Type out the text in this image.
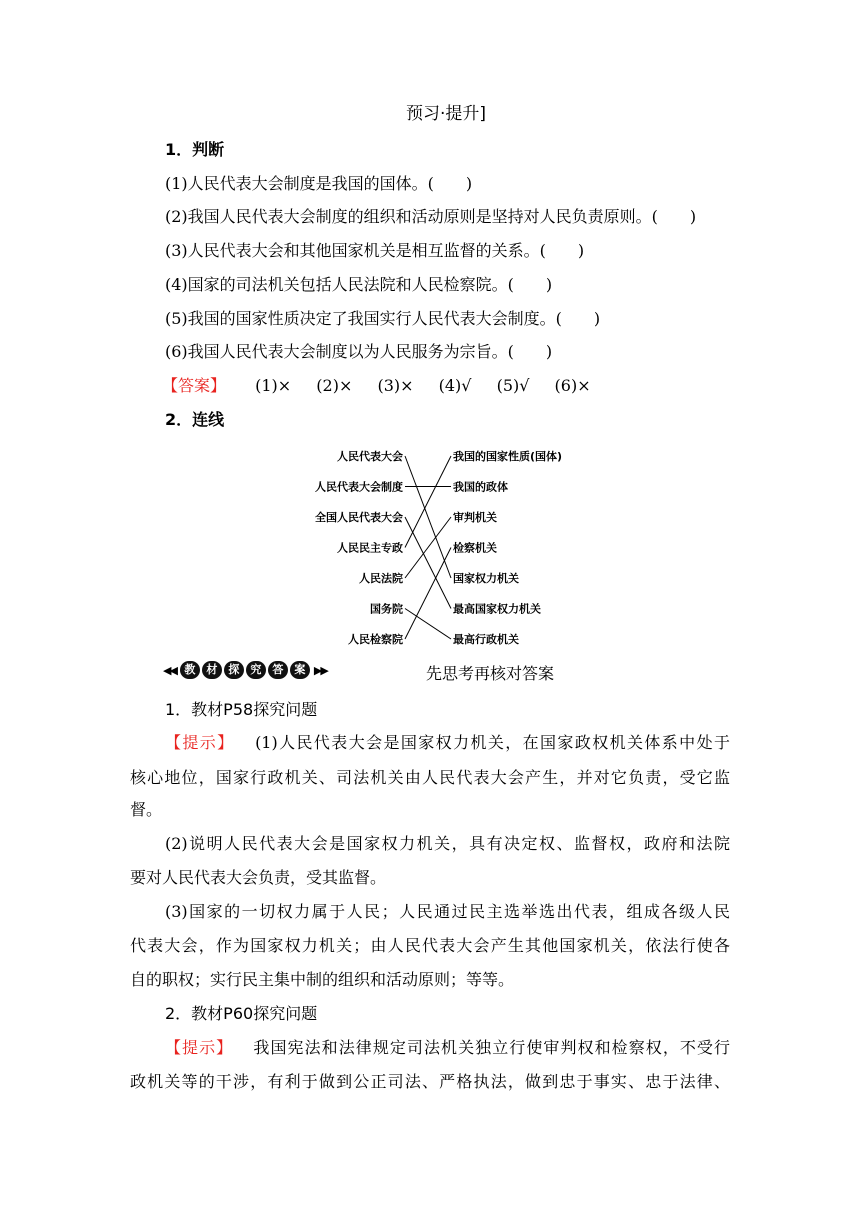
预习·提升]
1．判断
(1)人民代表大会制度是我国的国体。(　　)
(2)我国人民代表大会制度的组织和活动原则是坚持对人民负责原则。(　　)
(3)人民代表大会和其他国家机关是相互监督的关系。(　　)
(4)国家的司法机关包括人民法院和人民检察院。(　　)
(5)我国的国家性质决定了我国实行人民代表大会制度。(　　)
(6)我国人民代表大会制度以为人民服务为宗旨。(　　)
【答案】 (1)× (2)× (3)× (4)√ (5)√ (6)×
2．连线
人民代表大会
人民代表大会制度
全国人民代表大会
人民民主专政
人民法院
国务院
人民检察院
我国的国家性质(国体)
我国的政体
审判机关
检察机关
国家权力机关
最高国家权力机关
最高行政机关
◀◀ 教	材	探	究	答	案 ▶▶	先思考再核对答案
1．教材P58探究问题
【提示】 (1)人民代表大会是国家权力机关，在国家政权机关体系中处于
核心地位，国家行政机关、司法机关由人民代表大会产生，并对它负责，受它监
督。
(2)说明人民代表大会是国家权力机关，具有决定权、监督权，政府和法院
要对人民代表大会负责，受其监督。
(3)国家的一切权力属于人民；人民通过民主选举选出代表，组成各级人民
代表大会，作为国家权力机关；由人民代表大会产生其他国家机关，依法行使各
自的职权；实行民主集中制的组织和活动原则；等等。
2．教材P60探究问题
【提示】 我国宪法和法律规定司法机关独立行使审判权和检察权，不受行
政机关等的干涉，有利于做到公正司法、严格执法，做到忠于事实、忠于法律、
